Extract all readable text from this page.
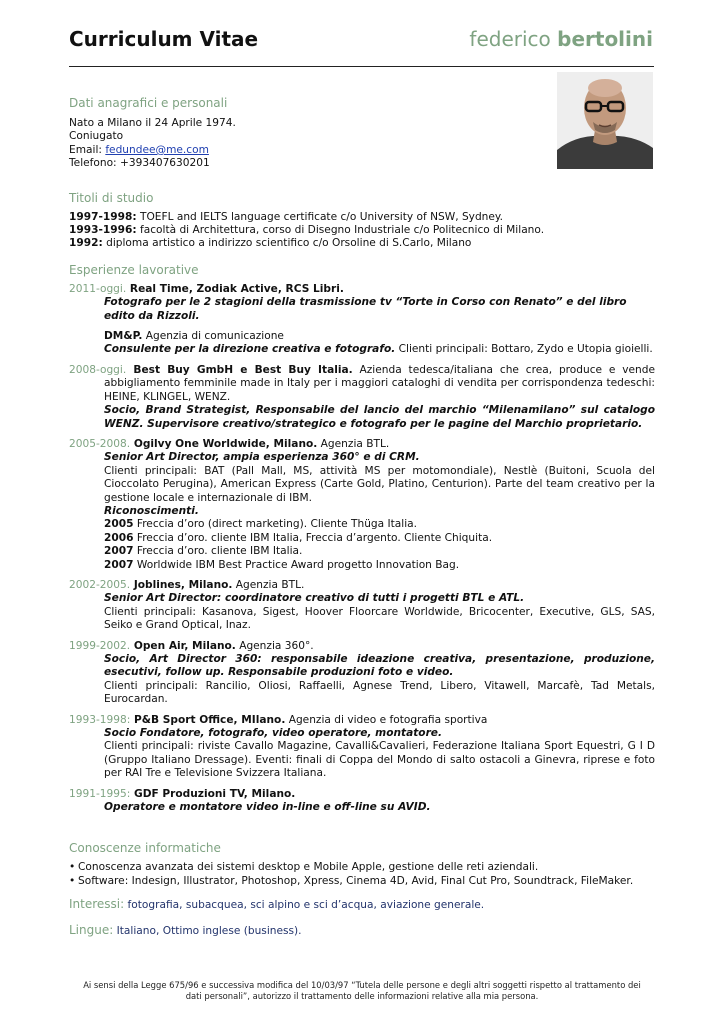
Curriculum Vitae	federico bertolini

Dati anagrafici e personali

Nato a Milano il 24 Aprile 1974.

Coniugato

Email: fedundee@me.com

Telefono: +393407630201

Titoli di studio

1997-1998: TOEFL and IELTS language certificate c/o University of NSW, Sydney.

1993-1996: facoltà di Architettura, corso di Disegno Industriale c/o Politecnico di Milano.

1992: diploma artistico a indirizzo scientifico c/o Orsoline di S.Carlo, Milano

Esperienze lavorative

2011-oggi. Real Time, Zodiak Active, RCS Libri.

Fotografo per le 2 stagioni della trasmissione tv “Torte in Corso con Renato” e del libro edito da Rizzoli.

DM&P. Agenzia di comunicazione

Consulente per la direzione creativa e fotografo. Clienti principali: Bottaro, Zydo e Utopia gioielli.

2008-oggi. Best Buy GmbH e Best Buy Italia. Azienda tedesca/italiana che crea, produce e vende abbigliamento femminile made in Italy per i maggiori cataloghi di vendita per corrispondenza tedeschi: HEINE, KLINGEL, WENZ.

Socio, Brand Strategist, Responsabile del lancio del marchio “Milenamilano” sul catalogo WENZ. Supervisore creativo/strategico e fotografo per le pagine del Marchio proprietario.

2005-2008. Ogilvy One Worldwide, Milano. Agenzia BTL.

Senior Art Director, ampia esperienza 360° e di CRM.

Clienti principali: BAT (Pall Mall, MS, attività MS per motomondiale), Nestlè (Buitoni, Scuola del Cioccolato Perugina), American Express (Carte Gold, Platino, Centurion). Parte del team creativo per la gestione locale e internazionale di IBM.

Riconoscimenti.

2005 Freccia d’oro (direct marketing). Cliente Thüga Italia.

2006 Freccia d’oro. cliente IBM Italia, Freccia d’argento. Cliente Chiquita.

2007 Freccia d’oro. cliente IBM Italia.

2007 Worldwide IBM Best Practice Award progetto Innovation Bag.

2002-2005. Joblines, Milano. Agenzia BTL.

Senior Art Director: coordinatore creativo di tutti i progetti BTL e ATL.

Clienti principali: Kasanova, Sigest, Hoover Floorcare Worldwide, Bricocenter, Executive, GLS, SAS, Seiko e Grand Optical, Inaz.

1999-2002. Open Air, Milano. Agenzia 360°.

Socio, Art Director 360: responsabile ideazione creativa, presentazione, produzione, esecutivi, follow up. Responsabile produzioni foto e video.

Clienti principali: Rancilio, Oliosi, Raffaelli, Agnese Trend, Libero, Vitawell, Marcafè, Tad Metals, Eurocardan.

1993-1998: P&B Sport Office, MIlano. Agenzia di video e fotografia sportiva

Socio Fondatore, fotografo, video operatore, montatore.

Clienti principali: riviste Cavallo Magazine, Cavalli&Cavalieri, Federazione Italiana Sport Equestri, G I D (Gruppo Italiano Dressage). Eventi: finali di Coppa del Mondo di salto ostacoli a Ginevra, riprese e foto per RAI Tre e Televisione Svizzera Italiana.

1991-1995: GDF Produzioni TV, Milano.

Operatore e montatore video in-line e off-line su AVID.

Conoscenze informatiche

• Conoscenza avanzata dei sistemi desktop e Mobile Apple, gestione delle reti aziendali.
• Software: Indesign, Illustrator, Photoshop, Xpress, Cinema 4D, Avid, Final Cut Pro, Soundtrack, FileMaker.

Interessi: fotografia, subacquea, sci alpino e sci d’acqua, aviazione generale.

Lingue: Italiano, Ottimo inglese (business).

Ai sensi della Legge 675/96 e successiva modifica del 10/03/97 “Tutela delle persone e degli altri soggetti rispetto al trattamento dei dati personali”, autorizzo il trattamento delle informazioni relative alla mia persona.
